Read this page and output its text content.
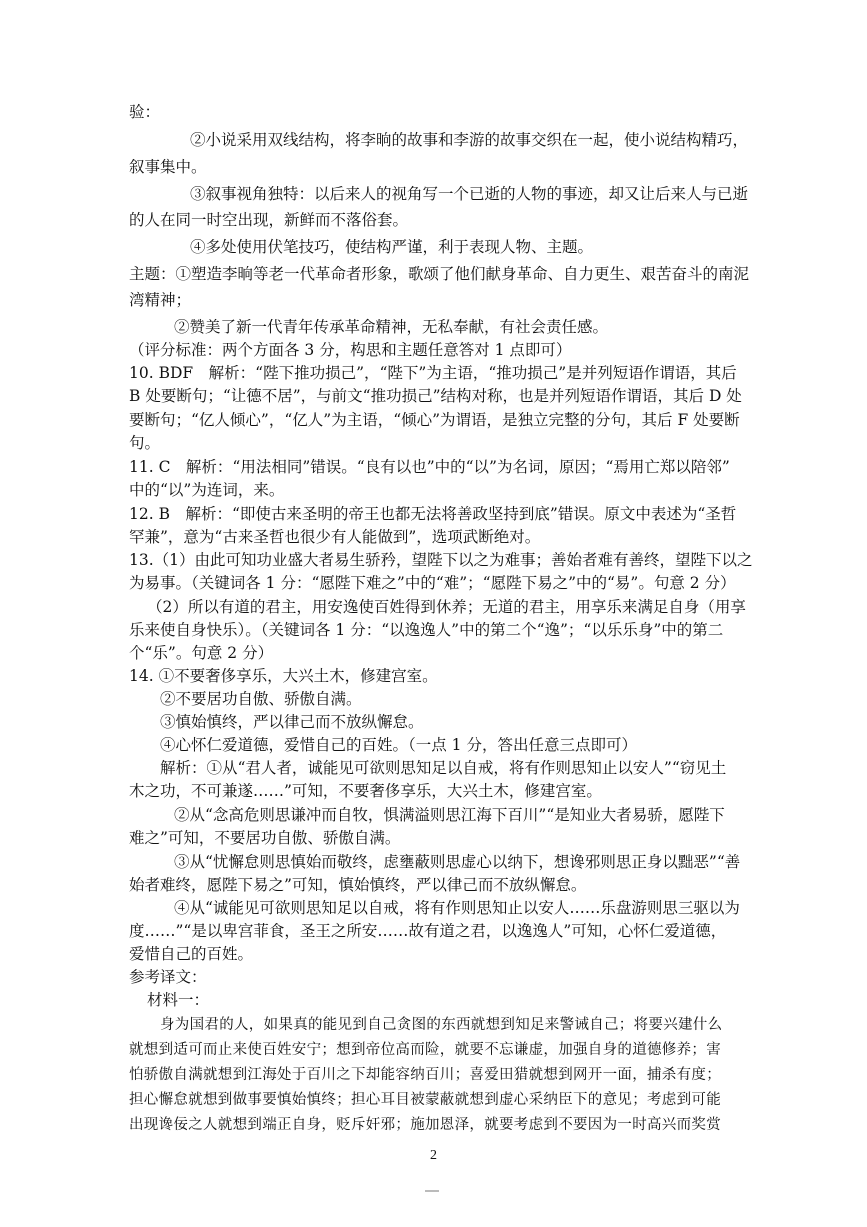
验：
②小说采用双线结构，将李晌的故事和李游的故事交织在一起，使小说结构精巧，
叙事集中。
③叙事视角独特：以后来人的视角写一个已逝的人物的事迹，却又让后来人与已逝
的人在同一时空出现，新鲜而不落俗套。
④多处使用伏笔技巧，使结构严谨，利于表现人物、主题。
主题：①塑造李晌等老一代革命者形象，歌颂了他们献身革命、自力更生、艰苦奋斗的南泥
湾精神；
②赞美了新一代青年传承革命精神，无私奉献，有社会责任感。
（评分标准：两个方面各 3 分，构思和主题任意答对 1 点即可）
10. BDF　解析：“陛下推功损己”，“陛下”为主语，“推功损己”是并列短语作谓语，其后
B 处要断句；“让德不居”，与前文“推功损己”结构对称，也是并列短语作谓语，其后 D 处
要断句；“亿人倾心”，“亿人”为主语，“倾心”为谓语，是独立完整的分句，其后 F 处要断
句。
11. C　解析：“用法相同”错误。“良有以也”中的“以”为名词，原因；“焉用亡郑以陪邻”
中的“以”为连词，来。
12. B　解析：“即使古来圣明的帝王也都无法将善政坚持到底”错误。原文中表述为“圣哲
罕兼”，意为“古来圣哲也很少有人能做到”，选项武断绝对。
13.（1）由此可知功业盛大者易生骄矜，望陛下以之为难事；善始者难有善终，望陛下以之
为易事。（关键词各 1 分：“愿陛下难之”中的“难”；“愿陛下易之”中的“易”。句意 2 分）
（2）所以有道的君主，用安逸使百姓得到休养；无道的君主，用享乐来满足自身（用享
乐来使自身快乐）。（关键词各 1 分：“以逸逸人”中的第二个“逸”；“以乐乐身”中的第二
个“乐”。句意 2 分）
14. ①不要奢侈享乐，大兴土木，修建宫室。
②不要居功自傲、骄傲自满。
③慎始慎终，严以律己而不放纵懈怠。
④心怀仁爱道德，爱惜自己的百姓。（一点 1 分，答出任意三点即可）
解析：①从“君人者，诚能见可欲则思知足以自戒，将有作则思知止以安人”“窃见土
木之功，不可兼遂……”可知，不要奢侈享乐，大兴土木，修建宫室。
②从“念高危则思谦冲而自牧，惧满溢则思江海下百川”“是知业大者易骄，愿陛下
难之”可知，不要居功自傲、骄傲自满。
③从“忧懈怠则思慎始而敬终，虑壅蔽则思虚心以纳下，想谗邪则思正身以黜恶”“善
始者难终，愿陛下易之”可知，慎始慎终，严以律己而不放纵懈怠。
④从“诚能见可欲则思知足以自戒，将有作则思知止以安人……乐盘游则思三驱以为
度……”“是以卑宫菲食，圣王之所安……故有道之君，以逸逸人”可知，心怀仁爱道德，
爱惜自己的百姓。
参考译文：
材料一：
身为国君的人，如果真的能见到自己贪图的东西就想到知足来警诫自己；将要兴建什么
就想到适可而止来使百姓安宁；想到帝位高而险，就要不忘谦虚，加强自身的道德修养；害
怕骄傲自满就想到江海处于百川之下却能容纳百川；喜爱田猎就想到网开一面，捕杀有度；
担心懈怠就想到做事要慎始慎终；担心耳目被蒙蔽就想到虚心采纳臣下的意见；考虑到可能
出现谗佞之人就想到端正自身，贬斥奸邪；施加恩泽，就要考虑到不要因为一时高兴而奖赏
2
